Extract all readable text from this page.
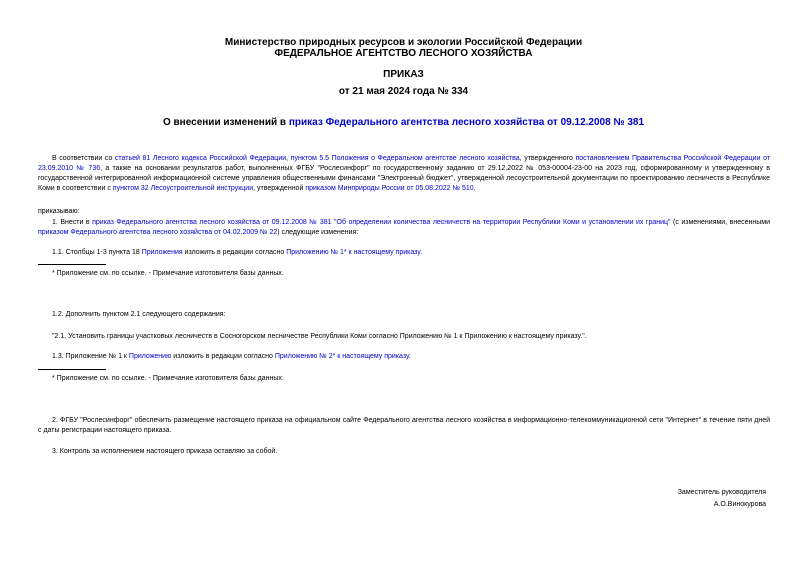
Министерство природных ресурсов и экологии Российской Федерации
ФЕДЕРАЛЬНОЕ АГЕНТСТВО ЛЕСНОГО ХОЗЯЙСТВА
ПРИКАЗ
от 21 мая 2024 года № 334
О внесении изменений в приказ Федерального агентства лесного хозяйства от 09.12.2008 № 381
В соответствии со статьей 81 Лесного кодекса Российской Федерации, пунктом 5.5 Положения о Федеральном агентстве лесного хозяйства, утвержденного постановлением Правительства Российской Федерации от 23.09.2010 № 736, а также на основании результатов работ, выполненных ФГБУ "Рослесинфорг" по государственному заданию от 29.12.2022 № 053-00004-23-00 на 2023 год, сформированному и утвержденному в государственной интегрированной информационной системе управления общественными финансами "Электронный бюджет", утвержденной лесоустроительной документации по проектированию лесничеств в Республике Коми в соответствии с пунктом 32 Лесоустроительной инструкции, утвержденной приказом Минприроды России от 05.08.2022 № 510.
приказываю:
1. Внести в приказ Федерального агентства лесного хозяйства от 09.12.2008 № 381 "Об определении количества лесничеств на территории Республики Коми и установлении их границ" (с изменениями, внесенными приказом Федерального агентства лесного хозяйства от 04.02.2009 № 22) следующие изменения:
1.1. Столбцы 1-3 пункта 18 Приложения изложить в редакции согласно Приложению № 1* к настоящему приказу.
* Приложение см. по ссылке. - Примечание изготовителя базы данных.
1.2. Дополнить пунктом 2.1 следующего содержания:
"2.1. Установить границы участковых лесничеств в Сосногорском лесничестве Республики Коми согласно Приложению № 1 к Приложению к настоящему приказу.".
1.3. Приложение № 1 к Приложению изложить в редакции согласно Приложению № 2* к настоящему приказу.
* Приложение см. по ссылке. - Примечание изготовителя базы данных.
2. ФГБУ "Рослесинфорг" обеспечить размещение настоящего приказа на официальном сайте Федерального агентства лесного хозяйства в информационно-телекоммуникационной сети "Интернет" в течение пяти дней с даты регистрации настоящего приказа.
3. Контроль за исполнением настоящего приказа оставляю за собой.
Заместитель руководителя
А.О.Винокурова
